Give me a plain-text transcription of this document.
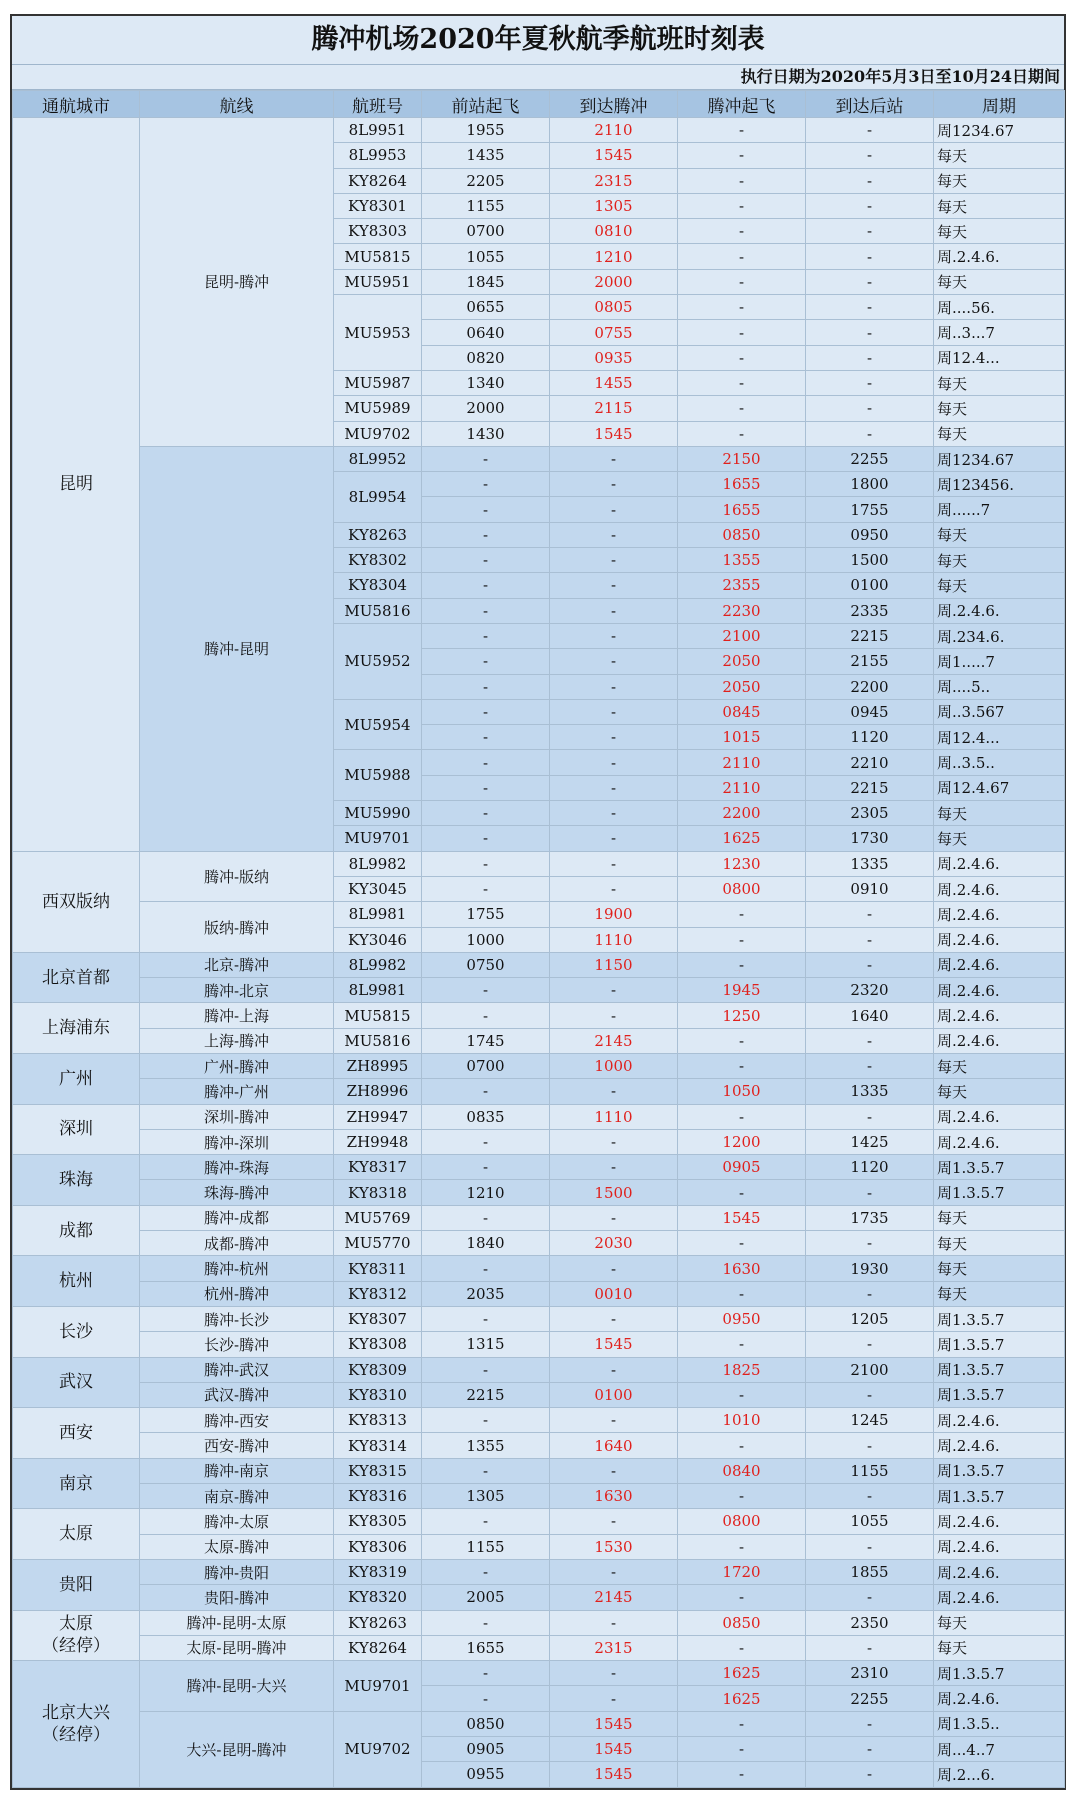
腾冲机场2020年夏秋航季航班时刻表
执行日期为2020年5月3日至10月24日期间
通航城市	航线	航班号	前站起飞	到达腾冲	腾冲起飞	到达后站	周期
昆明	昆明-腾冲	8L9951	1955	2110	-	-	周1234.67
		8L9953	1435	1545	-	-	每天
		KY8264	2205	2315	-	-	每天
		KY8301	1155	1305	-	-	每天
		KY8303	0700	0810	-	-	每天
		MU5815	1055	1210	-	-	周.2.4.6.
		MU5951	1845	2000	-	-	每天
		MU5953	0655	0805	-	-	周....56.
			0640	0755	-	-	周..3...7
			0820	0935	-	-	周12.4...
		MU5987	1340	1455	-	-	每天
		MU5989	2000	2115	-	-	每天
		MU9702	1430	1545	-	-	每天
	腾冲-昆明	8L9952	-	-	2150	2255	周1234.67
		8L9954	-	-	1655	1800	周123456.
			-	-	1655	1755	周......7
		KY8263	-	-	0850	0950	每天
		KY8302	-	-	1355	1500	每天
		KY8304	-	-	2355	0100	每天
		MU5816	-	-	2230	2335	周.2.4.6.
		MU5952	-	-	2100	2215	周.234.6.
			-	-	2050	2155	周1.....7
			-	-	2050	2200	周....5..
		MU5954	-	-	0845	0945	周..3.567
			-	-	1015	1120	周12.4...
		MU5988	-	-	2110	2210	周..3.5..
			-	-	2110	2215	周12.4.67
		MU5990	-	-	2200	2305	每天
		MU9701	-	-	1625	1730	每天
西双版纳	腾冲-版纳	8L9982	-	-	1230	1335	周.2.4.6.
		KY3045	-	-	0800	0910	周.2.4.6.
	版纳-腾冲	8L9981	1755	1900	-	-	周.2.4.6.
		KY3046	1000	1110	-	-	周.2.4.6.
北京首都	北京-腾冲	8L9982	0750	1150	-	-	周.2.4.6.
	腾冲-北京	8L9981	-	-	1945	2320	周.2.4.6.
上海浦东	腾冲-上海	MU5815	-	-	1250	1640	周.2.4.6.
	上海-腾冲	MU5816	1745	2145	-	-	周.2.4.6.
广州	广州-腾冲	ZH8995	0700	1000	-	-	每天
	腾冲-广州	ZH8996	-	-	1050	1335	每天
深圳	深圳-腾冲	ZH9947	0835	1110	-	-	周.2.4.6.
	腾冲-深圳	ZH9948	-	-	1200	1425	周.2.4.6.
珠海	腾冲-珠海	KY8317	-	-	0905	1120	周1.3.5.7
	珠海-腾冲	KY8318	1210	1500	-	-	周1.3.5.7
成都	腾冲-成都	MU5769	-	-	1545	1735	每天
	成都-腾冲	MU5770	1840	2030	-	-	每天
杭州	腾冲-杭州	KY8311	-	-	1630	1930	每天
	杭州-腾冲	KY8312	2035	0010	-	-	每天
长沙	腾冲-长沙	KY8307	-	-	0950	1205	周1.3.5.7
	长沙-腾冲	KY8308	1315	1545	-	-	周1.3.5.7
武汉	腾冲-武汉	KY8309	-	-	1825	2100	周1.3.5.7
	武汉-腾冲	KY8310	2215	0100	-	-	周1.3.5.7
西安	腾冲-西安	KY8313	-	-	1010	1245	周.2.4.6.
	西安-腾冲	KY8314	1355	1640	-	-	周.2.4.6.
南京	腾冲-南京	KY8315	-	-	0840	1155	周1.3.5.7
	南京-腾冲	KY8316	1305	1630	-	-	周1.3.5.7
太原	腾冲-太原	KY8305	-	-	0800	1055	周.2.4.6.
	太原-腾冲	KY8306	1155	1530	-	-	周.2.4.6.
贵阳	腾冲-贵阳	KY8319	-	-	1720	1855	周.2.4.6.
	贵阳-腾冲	KY8320	2005	2145	-	-	周.2.4.6.
太原
（经停）	腾冲-昆明-太原	KY8263	-	-	0850	2350	每天
	太原-昆明-腾冲	KY8264	1655	2315	-	-	每天
北京大兴
（经停）	腾冲-昆明-大兴	MU9701	-	-	1625	2310	周1.3.5.7
			-	-	1625	2255	周.2.4.6.
	大兴-昆明-腾冲	MU9702	0850	1545	-	-	周1.3.5..
			0905	1545	-	-	周...4..7
			0955	1545	-	-	周.2...6.
